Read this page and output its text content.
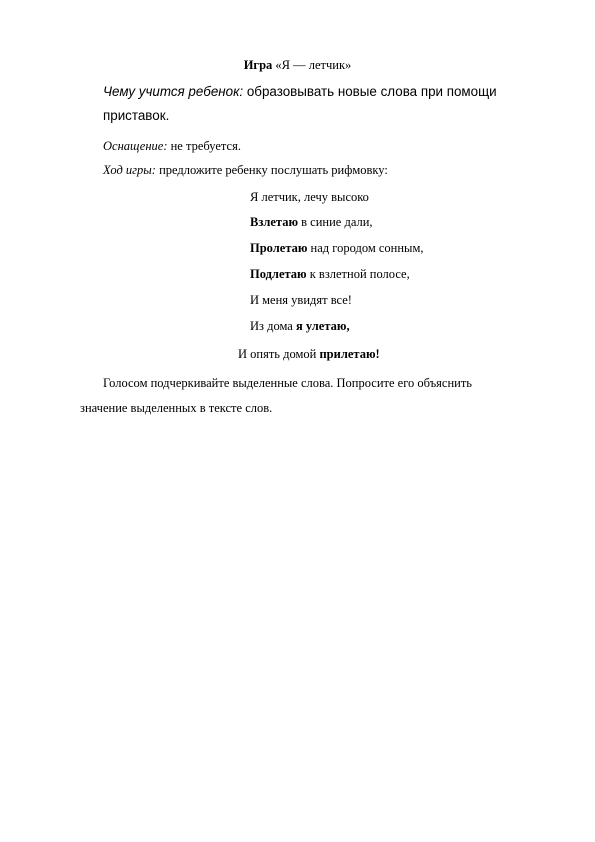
Игра «Я — летчик»
Чему учится ребенок: образовывать новые слова при помощи
приставок.
Оснащение: не требуется.
Ход игры: предложите ребенку послушать рифмовку:
Я летчик, лечу высоко
Взлетаю в синие дали,
Пролетаю над городом сонным,
Подлетаю к взлетной полосе,
И меня увидят все!
Из дома я улетаю,
И опять домой прилетаю!
Голосом подчеркивайте выделенные слова. Попросите его объяснить
значение выделенных в тексте слов.
